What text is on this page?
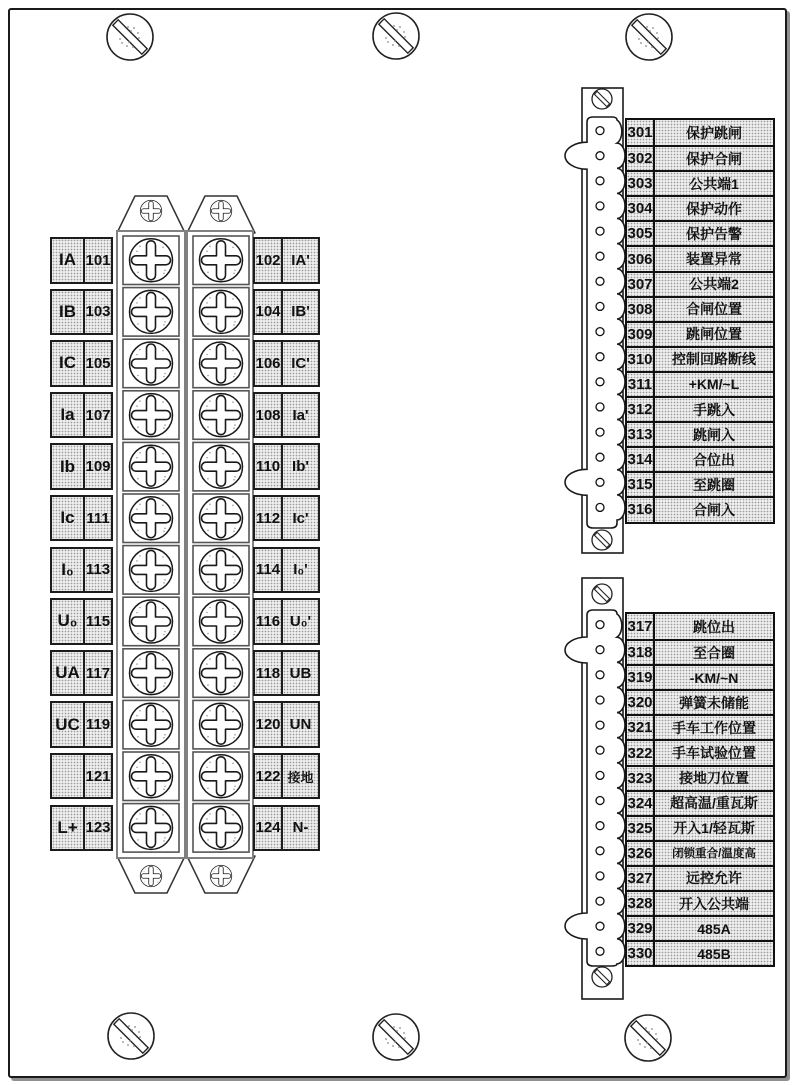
IA 101
IB 103
IC 105
Ia 107
Ib 109
Ic 111
I₀ 113
U₀ 115
UA 117
UC 119
121
L+ 123
102 IA'
104 IB'
106 IC'
108 Ia'
110 Ib'
112 Ic'
114 I₀'
116 U₀'
118 UB
120 UN
122 接地
124 N-
301	保护跳闸
302	保护合闸
303	公共端1
304	保护动作
305	保护告警
306	装置异常
307	公共端2
308	合闸位置
309	跳闸位置
310	控制回路断线
311	+KM/~L
312	手跳入
313	跳闸入
314	合位出
315	至跳圈
316	合闸入
317	跳位出
318	至合圈
319	-KM/~N
320	弹簧未储能
321	手车工作位置
322	手车试验位置
323	接地刀位置
324	超高温/重瓦斯
325	开入1/轻瓦斯
326	闭锁重合/温度高
327	远控允许
328	开入公共端
329	485A
330	485B
